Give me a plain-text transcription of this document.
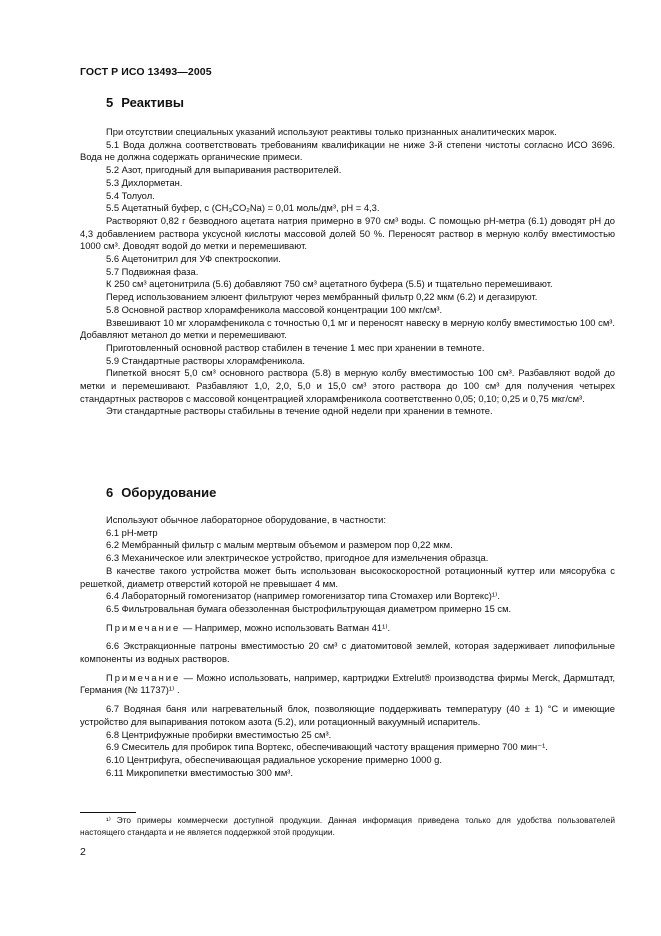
ГОСТ Р ИСО 13493—2005
5 Реактивы

При отсутствии специальных указаний используют реактивы только признанных аналитических марок.

5.1 Вода должна соответствовать требованиям квалификации не ниже 3-й степени чистоты согласно ИСО 3696. Вода не должна содержать органические примеси.

5.2 Азот, пригодный для выпаривания растворителей.

5.3 Дихлорметан.

5.4 Толуол.

5.5 Ацетатный буфер, c (CH₃CO₂Na) = 0,01 моль/дм³, pH = 4,3.

Растворяют 0,82 г безводного ацетата натрия примерно в 970 см³ воды. С помощью pH-метра (6.1) доводят pH до 4,3 добавлением раствора уксусной кислоты массовой долей 50 %. Переносят раствор в мерную колбу вместимостью 1000 см³. Доводят водой до метки и перемешивают.

5.6 Ацетонитрил для УФ спектроскопии.

5.7 Подвижная фаза.

К 250 см³ ацетонитрила (5.6) добавляют 750 см³ ацетатного буфера (5.5) и тщательно перемешивают.

Перед использованием элюент фильтруют через мембранный фильтр 0,22 мкм (6.2) и дегазируют.

5.8 Основной раствор хлорамфеникола массовой концентрации 100 мкг/см³.

Взвешивают 10 мг хлорамфеникола с точностью 0,1 мг и переносят навеску в мерную колбу вместимостью 100 см³. Добавляют метанол до метки и перемешивают.

Приготовленный основной раствор стабилен в течение 1 мес при хранении в темноте.

5.9 Стандартные растворы хлорамфеникола.

Пипеткой вносят 5,0 см³ основного раствора (5.8) в мерную колбу вместимостью 100 см³. Разбавляют водой до метки и перемешивают. Разбавляют 1,0, 2,0, 5,0 и 15,0 см³ этого раствора до 100 см³ для получения четырех стандартных растворов с массовой концентрацией хлорамфеникола соответственно 0,05; 0,10; 0,25 и 0,75 мкг/см³.

Эти стандартные растворы стабильны в течение одной недели при хранении в темноте.

6 Оборудование

Используют обычное лабораторное оборудование, в частности:

6.1 pH-метр

6.2 Мембранный фильтр с малым мертвым объемом и размером пор 0,22 мкм.

6.3 Механическое или электрическое устройство, пригодное для измельчения образца.

В качестве такого устройства может быть использован высокоскоростной ротационный куттер или мясорубка с решеткой, диаметр отверстий которой не превышает 4 мм.

6.4 Лабораторный гомогенизатор (например гомогенизатор типа Стомахер или Вортекс)¹⁾.

6.5 Фильтровальная бумага обеззоленная быстрофильтрующая диаметром примерно 15 см.

Примечание — Например, можно использовать Ватман 41¹⁾.

6.6 Экстракционные патроны вместимостью 20 см³ с диатомитовой землей, которая задерживает липофильные компоненты из водных растворов.

Примечание — Можно использовать, например, картриджи Extrelut® производства фирмы Merck, Дармштадт, Германия (№ 11737)¹⁾ .

6.7 Водяная баня или нагревательный блок, позволяющие поддерживать температуру (40 ± 1) °С и имеющие устройство для выпаривания потоком азота (5.2), или ротационный вакуумный испаритель.

6.8 Центрифужные пробирки вместимостью 25 см³.

6.9 Смеситель для пробирок типа Вортекс, обеспечивающий частоту вращения примерно 700 мин⁻¹.

6.10 Центрифуга, обеспечивающая радиальное ускорение примерно 1000 g.

6.11 Микропипетки вместимостью 300 мм³.

¹⁾ Это примеры коммерчески доступной продукции. Данная информация приведена только для удобства пользователей настоящего стандарта и не является поддержкой этой продукции.

2
